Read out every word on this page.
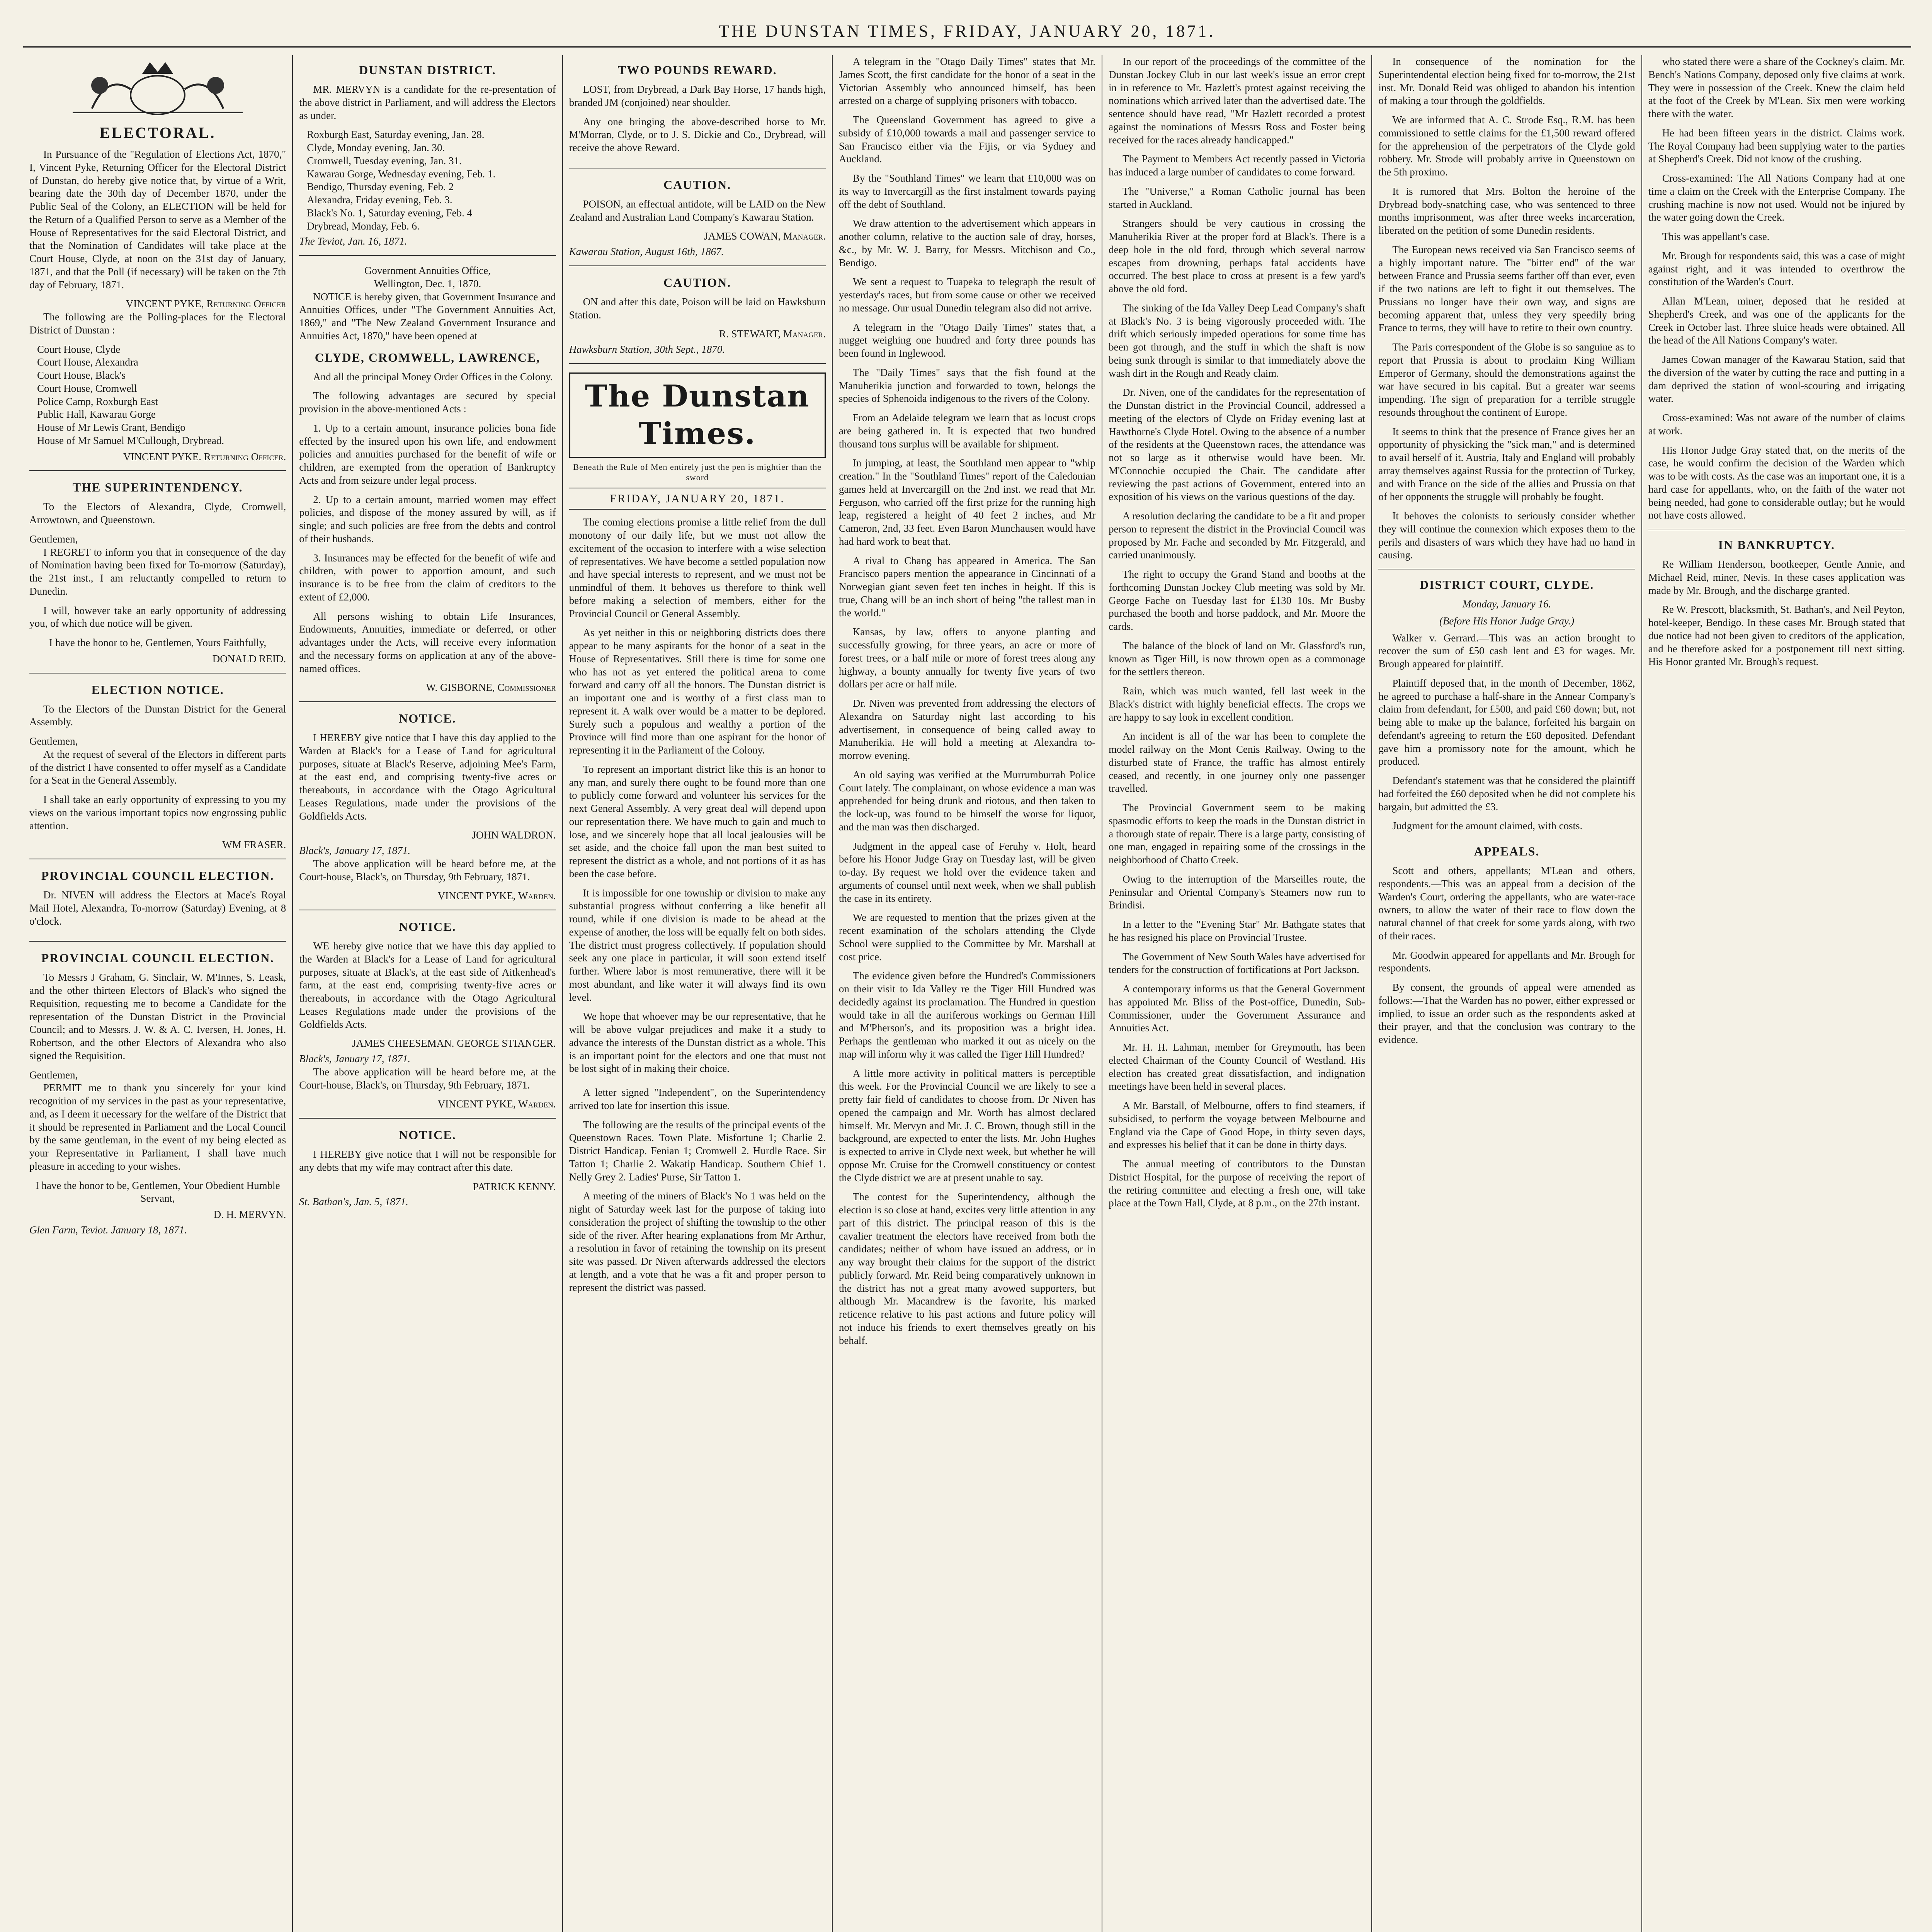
THE DUNSTAN TIMES, FRIDAY, JANUARY 20, 1871.
ELECTORAL.

In Pursuance of the "Regulation of Elections Act, 1870," I, Vincent Pyke, Returning Officer for the Electoral District of Dunstan, do hereby give notice that, by virtue of a Writ, bearing date the 30th day of December 1870, under the Public Seal of the Colony, an ELECTION will be held for the Return of a Qualified Person to serve as a Member of the House of Representatives for the said Electoral District, and that the Nomination of Candidates will take place at the Court House, Clyde, at noon on the 31st day of January, 1871, and that the Poll (if necessary) will be taken on the 7th day of February, 1871.

VINCENT PYKE, Returning Officer

The following are the Polling-places for the Electoral District of Dunstan :

Court House, Clyde
Court House, Alexandra
Court House, Black's
Court House, Cromwell
Police Camp, Roxburgh East
Public Hall, Kawarau Gorge
House of Mr Lewis Grant, Bendigo
House of Mr Samuel M'Cullough, Drybread.
VINCENT PYKE. Returning Officer.
THE SUPERINTENDENCY.

To the Electors of Alexandra, Clyde, Cromwell, Arrowtown, and Queenstown.

Gentlemen,

I REGRET to inform you that in consequence of the day of Nomination having been fixed for To-morrow (Saturday), the 21st inst., I am reluctantly compelled to return to Dunedin.

I will, however take an early opportunity of addressing you, of which due notice will be given.

I have the honor to be, Gentlemen, Yours Faithfully,
DONALD REID.
ELECTION NOTICE.

To the Electors of the Dunstan District for the General Assembly.

Gentlemen,

At the request of several of the Electors in different parts of the district I have consented to offer myself as a Candidate for a Seat in the General Assembly.

I shall take an early opportunity of expressing to you my views on the various important topics now engrossing public attention.

WM FRASER.
PROVINCIAL COUNCIL ELECTION.

Dr. NIVEN will address the Electors at Mace's Royal Mail Hotel, Alexandra, To-morrow (Saturday) Evening, at 8 o'clock.

PROVINCIAL COUNCIL ELECTION.

To Messrs J Graham, G. Sinclair, W. M'Innes, S. Leask, and the other thirteen Electors of Black's who signed the Requisition, requesting me to become a Candidate for the representation of the Dunstan District in the Provincial Council; and to Messrs. J. W. & A. C. Iversen, H. Jones, H. Robertson, and the other Electors of Alexandra who also signed the Requisition.

Gentlemen,

PERMIT me to thank you sincerely for your kind recognition of my services in the past as your representative, and, as I deem it necessary for the welfare of the District that it should be represented in Parliament and the Local Council by the same gentleman, in the event of my being elected as your Representative in Parliament, I shall have much pleasure in acceding to your wishes.

I have the honor to be, Gentlemen, Your Obedient Humble Servant,
D. H. MERVYN.
Glen Farm, Teviot. January 18, 1871.
DUNSTAN DISTRICT.

MR. MERVYN is a candidate for the re-presentation of the above district in Parliament, and will address the Electors as under.

Roxburgh East, Saturday evening, Jan. 28.
Clyde, Monday evening, Jan. 30.
Cromwell, Tuesday evening, Jan. 31.
Kawarau Gorge, Wednesday evening, Feb. 1.
Bendigo, Thursday evening, Feb. 2
Alexandra, Friday evening, Feb. 3.
Black's No. 1, Saturday evening, Feb. 4
Drybread, Monday, Feb. 6.
The Teviot, Jan. 16, 1871.
Government Annuities Office,
Wellington, Dec. 1, 1870.

NOTICE is hereby given, that Government Insurance and Annuities Offices, under "The Government Annuities Act, 1869," and "The New Zealand Government Insurance and Annuities Act, 1870," have been opened at

CLYDE, CROMWELL, LAWRENCE,

And all the principal Money Order Offices in the Colony.

The following advantages are secured by special provision in the above-mentioned Acts :

1. Up to a certain amount, insurance policies bona fide effected by the insured upon his own life, and endowment policies and annuities purchased for the benefit of wife or children, are exempted from the operation of Bankruptcy Acts and from seizure under legal process.

2. Up to a certain amount, married women may effect policies, and dispose of the money assured by will, as if single; and such policies are free from the debts and control of their husbands.

3. Insurances may be effected for the benefit of wife and children, with power to apportion amount, and such insurance is to be free from the claim of creditors to the extent of £2,000.

All persons wishing to obtain Life Insurances, Endowments, Annuities, immediate or deferred, or other advantages under the Acts, will receive every information and the necessary forms on application at any of the above-named offices.

W. GISBORNE, Commissioner
NOTICE.

I HEREBY give notice that I have this day applied to the Warden at Black's for a Lease of Land for agricultural purposes, situate at Black's Reserve, adjoining Mee's Farm, at the east end, and comprising twenty-five acres or thereabouts, in accordance with the Otago Agricultural Leases Regulations, made under the provisions of the Goldfields Acts.

JOHN WALDRON.
Black's, January 17, 1871.

The above application will be heard before me, at the Court-house, Black's, on Thursday, 9th February, 1871.

VINCENT PYKE, Warden.
NOTICE.

WE hereby give notice that we have this day applied to the Warden at Black's for a Lease of Land for agricultural purposes, situate at Black's, at the east side of Aitkenhead's farm, at the east end, comprising twenty-five acres or thereabouts, in accordance with the Otago Agricultural Leases Regulations made under the provisions of the Goldfields Acts.

JAMES CHEESEMAN. GEORGE STIANGER.
Black's, January 17, 1871.

The above application will be heard before me, at the Court-house, Black's, on Thursday, 9th February, 1871.

VINCENT PYKE, Warden.
NOTICE.

I HEREBY give notice that I will not be responsible for any debts that my wife may contract after this date.

PATRICK KENNY.
St. Bathan's, Jan. 5, 1871.
TWO POUNDS REWARD.

LOST, from Drybread, a Dark Bay Horse, 17 hands high, branded JM (conjoined) near shoulder.

Any one bringing the above-described horse to Mr. M'Morran, Clyde, or to J. S. Dickie and Co., Drybread, will receive the above Reward.

CAUTION.

POISON, an effectual antidote, will be LAID on the New Zealand and Australian Land Company's Kawarau Station.

JAMES COWAN, Manager.
Kawarau Station, August 16th, 1867.
CAUTION.

ON and after this date, Poison will be laid on Hawksburn Station.

R. STEWART, Manager.
Hawksburn Station, 30th Sept., 1870.
The Dunstan Times.
Beneath the Rule of Men entirely just the pen is mightier than the sword
FRIDAY, JANUARY 20, 1871.

The coming elections promise a little relief from the dull monotony of our daily life, but we must not allow the excitement of the occasion to interfere with a wise selection of representatives. We have become a settled population now and have special interests to represent, and we must not be unmindful of them. It behoves us therefore to think well before making a selection of members, either for the Provincial Council or General Assembly.

As yet neither in this or neighboring districts does there appear to be many aspirants for the honor of a seat in the House of Representatives. Still there is time for some one who has not as yet entered the political arena to come forward and carry off all the honors. The Dunstan district is an important one and is worthy of a first class man to represent it. A walk over would be a matter to be deplored. Surely such a populous and wealthy a portion of the Province will find more than one aspirant for the honor of representing it in the Parliament of the Colony.

To represent an important district like this is an honor to any man, and surely there ought to be found more than one to publicly come forward and volunteer his services for the next General Assembly. A very great deal will depend upon our representation there. We have much to gain and much to lose, and we sincerely hope that all local jealousies will be set aside, and the choice fall upon the man best suited to represent the district as a whole, and not portions of it as has been the case before.

It is impossible for one township or division to make any substantial progress without conferring a like benefit all round, while if one division is made to be ahead at the expense of another, the loss will be equally felt on both sides. The district must progress collectively. If population should seek any one place in particular, it will soon extend itself further. Where labor is most remunerative, there will it be most abundant, and like water it will always find its own level.

We hope that whoever may be our representative, that he will be above vulgar prejudices and make it a study to advance the interests of the Dunstan district as a whole. This is an important point for the electors and one that must not be lost sight of in making their choice.

A letter signed "Independent", on the Superintendency arrived too late for insertion this issue.

The following are the results of the principal events of the Queenstown Races. Town Plate. Misfortune 1; Charlie 2. District Handicap. Fenian 1; Cromwell 2. Hurdle Race. Sir Tatton 1; Charlie 2. Wakatip Handicap. Southern Chief 1. Nelly Grey 2. Ladies' Purse, Sir Tatton 1.

A meeting of the miners of Black's No 1 was held on the night of Saturday week last for the purpose of taking into consideration the project of shifting the township to the other side of the river. After hearing explanations from Mr Arthur, a resolution in favor of retaining the township on its present site was passed. Dr Niven afterwards addressed the electors at length, and a vote that he was a fit and proper person to represent the district was passed.

A telegram in the "Otago Daily Times" states that Mr. James Scott, the first candidate for the honor of a seat in the Victorian Assembly who announced himself, has been arrested on a charge of supplying prisoners with tobacco.

The Queensland Government has agreed to give a subsidy of £10,000 towards a mail and passenger service to San Francisco either via the Fijis, or via Sydney and Auckland.

By the "Southland Times" we learn that £10,000 was on its way to Invercargill as the first instalment towards paying off the debt of Southland.

We draw attention to the advertisement which appears in another column, relative to the auction sale of dray, horses, &c., by Mr. W. J. Barry, for Messrs. Mitchison and Co., Bendigo.

We sent a request to Tuapeka to telegraph the result of yesterday's races, but from some cause or other we received no message. Our usual Dunedin telegram also did not arrive.

A telegram in the "Otago Daily Times" states that, a nugget weighing one hundred and forty three pounds has been found in Inglewood.

The "Daily Times" says that the fish found at the Manuherikia junction and forwarded to town, belongs the species of Sphenoida indigenous to the rivers of the Colony.

From an Adelaide telegram we learn that as locust crops are being gathered in. It is expected that two hundred thousand tons surplus will be available for shipment.

In jumping, at least, the Southland men appear to "whip creation." In the "Southland Times" report of the Caledonian games held at Invercargill on the 2nd inst. we read that Mr. Ferguson, who carried off the first prize for the running high leap, registered a height of 40 feet 2 inches, and Mr Cameron, 2nd, 33 feet. Even Baron Munchausen would have had hard work to beat that.

A rival to Chang has appeared in America. The San Francisco papers mention the appearance in Cincinnati of a Norwegian giant seven feet ten inches in height. If this is true, Chang will be an inch short of being "the tallest man in the world."

Kansas, by law, offers to anyone planting and successfully growing, for three years, an acre or more of forest trees, or a half mile or more of forest trees along any highway, a bounty annually for twenty five years of two dollars per acre or half mile.

Dr. Niven was prevented from addressing the electors of Alexandra on Saturday night last according to his advertisement, in consequence of being called away to Manuherikia. He will hold a meeting at Alexandra to-morrow evening.

An old saying was verified at the Murrumburrah Police Court lately. The complainant, on whose evidence a man was apprehended for being drunk and riotous, and then taken to the lock-up, was found to be himself the worse for liquor, and the man was then discharged.

Judgment in the appeal case of Feruhy v. Holt, heard before his Honor Judge Gray on Tuesday last, will be given to-day. By request we hold over the evidence taken and arguments of counsel until next week, when we shall publish the case in its entirety.

We are requested to mention that the prizes given at the recent examination of the scholars attending the Clyde School were supplied to the Committee by Mr. Marshall at cost price.

The evidence given before the Hundred's Commissioners on their visit to Ida Valley re the Tiger Hill Hundred was decidedly against its proclamation. The Hundred in question would take in all the auriferous workings on German Hill and M'Pherson's, and its proposition was a bright idea. Perhaps the gentleman who marked it out as nicely on the map will inform why it was called the Tiger Hill Hundred?

A little more activity in political matters is perceptible this week. For the Provincial Council we are likely to see a pretty fair field of candidates to choose from. Dr Niven has opened the campaign and Mr. Worth has almost declared himself. Mr. Mervyn and Mr. J. C. Brown, though still in the background, are expected to enter the lists. Mr. John Hughes is expected to arrive in Clyde next week, but whether he will oppose Mr. Cruise for the Cromwell constituency or contest the Clyde district we are at present unable to say.

The contest for the Superintendency, although the election is so close at hand, excites very little attention in any part of this district. The principal reason of this is the cavalier treatment the electors have received from both the candidates; neither of whom have issued an address, or in any way brought their claims for the support of the district publicly forward. Mr. Reid being comparatively unknown in the district has not a great many avowed supporters, but although Mr. Macandrew is the favorite, his marked reticence relative to his past actions and future policy will not induce his friends to exert themselves greatly on his behalf.

In our report of the proceedings of the committee of the Dunstan Jockey Club in our last week's issue an error crept in in reference to Mr. Hazlett's protest against receiving the nominations which arrived later than the advertised date. The sentence should have read, "Mr Hazlett recorded a protest against the nominations of Messrs Ross and Foster being received for the races already handicapped."

The Payment to Members Act recently passed in Victoria has induced a large number of candidates to come forward.

The "Universe," a Roman Catholic journal has been started in Auckland.

Strangers should be very cautious in crossing the Manuherikia River at the proper ford at Black's. There is a deep hole in the old ford, through which several narrow escapes from drowning, perhaps fatal accidents have occurred. The best place to cross at present is a few yard's above the old ford.

The sinking of the Ida Valley Deep Lead Company's shaft at Black's No. 3 is being vigorously proceeded with. The drift which seriously impeded operations for some time has been got through, and the stuff in which the shaft is now being sunk through is similar to that immediately above the wash dirt in the Rough and Ready claim.

Dr. Niven, one of the candidates for the representation of the Dunstan district in the Provincial Council, addressed a meeting of the electors of Clyde on Friday evening last at Hawthorne's Clyde Hotel. Owing to the absence of a number of the residents at the Queenstown races, the attendance was not so large as it otherwise would have been. Mr. M'Connochie occupied the Chair. The candidate after reviewing the past actions of Government, entered into an exposition of his views on the various questions of the day.

A resolution declaring the candidate to be a fit and proper person to represent the district in the Provincial Council was proposed by Mr. Fache and seconded by Mr. Fitzgerald, and carried unanimously.

The right to occupy the Grand Stand and booths at the forthcoming Dunstan Jockey Club meeting was sold by Mr. George Fache on Tuesday last for £130 10s. Mr Busby purchased the booth and horse paddock, and Mr. Moore the cards.

The balance of the block of land on Mr. Glassford's run, known as Tiger Hill, is now thrown open as a commonage for the settlers thereon.

Rain, which was much wanted, fell last week in the Black's district with highly beneficial effects. The crops we are happy to say look in excellent condition.

An incident is all of the war has been to complete the model railway on the Mont Cenis Railway. Owing to the disturbed state of France, the traffic has almost entirely ceased, and recently, in one journey only one passenger travelled.

The Provincial Government seem to be making spasmodic efforts to keep the roads in the Dunstan district in a thorough state of repair. There is a large party, consisting of one man, engaged in repairing some of the crossings in the neighborhood of Chatto Creek.

Owing to the interruption of the Marseilles route, the Peninsular and Oriental Company's Steamers now run to Brindisi.

In a letter to the "Evening Star" Mr. Bathgate states that he has resigned his place on Provincial Trustee.

The Government of New South Wales have advertised for tenders for the construction of fortifications at Port Jackson.

A contemporary informs us that the General Government has appointed Mr. Bliss of the Post-office, Dunedin, Sub-Commissioner, under the Government Assurance and Annuities Act.

Mr. H. H. Lahman, member for Greymouth, has been elected Chairman of the County Council of Westland. His election has created great dissatisfaction, and indignation meetings have been held in several places.

A Mr. Barstall, of Melbourne, offers to find steamers, if subsidised, to perform the voyage between Melbourne and England via the Cape of Good Hope, in thirty seven days, and expresses his belief that it can be done in thirty days.

The annual meeting of contributors to the Dunstan District Hospital, for the purpose of receiving the report of the retiring committee and electing a fresh one, will take place at the Town Hall, Clyde, at 8 p.m., on the 27th instant.

In consequence of the nomination for the Superintendental election being fixed for to-morrow, the 21st inst. Mr. Donald Reid was obliged to abandon his intention of making a tour through the goldfields.

We are informed that A. C. Strode Esq., R.M. has been commissioned to settle claims for the £1,500 reward offered for the apprehension of the perpetrators of the Clyde gold robbery. Mr. Strode will probably arrive in Queenstown on the 5th proximo.

It is rumored that Mrs. Bolton the heroine of the Drybread body-snatching case, who was sentenced to three months imprisonment, was after three weeks incarceration, liberated on the petition of some Dunedin residents.

The European news received via San Francisco seems of a highly important nature. The "bitter end" of the war between France and Prussia seems farther off than ever, even if the two nations are left to fight it out themselves. The Prussians no longer have their own way, and signs are becoming apparent that, unless they very speedily bring France to terms, they will have to retire to their own country.

The Paris correspondent of the Globe is so sanguine as to report that Prussia is about to proclaim King William Emperor of Germany, should the demonstrations against the war have secured in his capital. But a greater war seems impending. The sign of preparation for a terrible struggle resounds throughout the continent of Europe.

It seems to think that the presence of France gives her an opportunity of physicking the "sick man," and is determined to avail herself of it. Austria, Italy and England will probably array themselves against Russia for the protection of Turkey, and with France on the side of the allies and Prussia on that of her opponents the struggle will probably be fought.

It behoves the colonists to seriously consider whether they will continue the connexion which exposes them to the perils and disasters of wars which they have had no hand in causing.

DISTRICT COURT, CLYDE.
Monday, January 16.
(Before His Honor Judge Gray.)

Walker v. Gerrard.—This was an action brought to recover the sum of £50 cash lent and £3 for wages. Mr. Brough appeared for plaintiff.

Plaintiff deposed that, in the month of December, 1862, he agreed to purchase a half-share in the Annear Company's claim from defendant, for £500, and paid £60 down; but, not being able to make up the balance, forfeited his bargain on defendant's agreeing to return the £60 deposited. Defendant gave him a promissory note for the amount, which he produced.

Defendant's statement was that he considered the plaintiff had forfeited the £60 deposited when he did not complete his bargain, but admitted the £3.

Judgment for the amount claimed, with costs.

APPEALS.

Scott and others, appellants; M'Lean and others, respondents.—This was an appeal from a decision of the Warden's Court, ordering the appellants, who are water-race owners, to allow the water of their race to flow down the natural channel of that creek for some yards along, with two of their races.

Mr. Goodwin appeared for appellants and Mr. Brough for respondents.

By consent, the grounds of appeal were amended as follows:—That the Warden has no power, either expressed or implied, to issue an order such as the respondents asked at their prayer, and that the conclusion was contrary to the evidence.

who stated there were a share of the Cockney's claim. Mr. Bench's Nations Company, deposed only five claims at work. They were in possession of the Creek. Knew the claim held at the foot of the Creek by M'Lean. Six men were working there with the water.

He had been fifteen years in the district. Claims work. The Royal Company had been supplying water to the parties at Shepherd's Creek. Did not know of the crushing.

Cross-examined: The All Nations Company had at one time a claim on the Creek with the Enterprise Company. The crushing machine is now not used. Would not be injured by the water going down the Creek.

This was appellant's case.

Mr. Brough for respondents said, this was a case of might against right, and it was intended to overthrow the constitution of the Warden's Court.

Allan M'Lean, miner, deposed that he resided at Shepherd's Creek, and was one of the applicants for the Creek in October last. Three sluice heads were obtained. All the head of the All Nations Company's water.

James Cowan manager of the Kawarau Station, said that the diversion of the water by cutting the race and putting in a dam deprived the station of wool-scouring and irrigating water.

Cross-examined: Was not aware of the number of claims at work.

His Honor Judge Gray stated that, on the merits of the case, he would confirm the decision of the Warden which was to be with costs. As the case was an important one, it is a hard case for appellants, who, on the faith of the water not being needed, had gone to considerable outlay; but he would not have costs allowed.

IN BANKRUPTCY.

Re William Henderson, bootkeeper, Gentle Annie, and Michael Reid, miner, Nevis. In these cases application was made by Mr. Brough, and the discharge granted.

Re W. Prescott, blacksmith, St. Bathan's, and Neil Peyton, hotel-keeper, Bendigo. In these cases Mr. Brough stated that due notice had not been given to creditors of the application, and he therefore asked for a postponement till next sitting. His Honor granted Mr. Brough's request.
